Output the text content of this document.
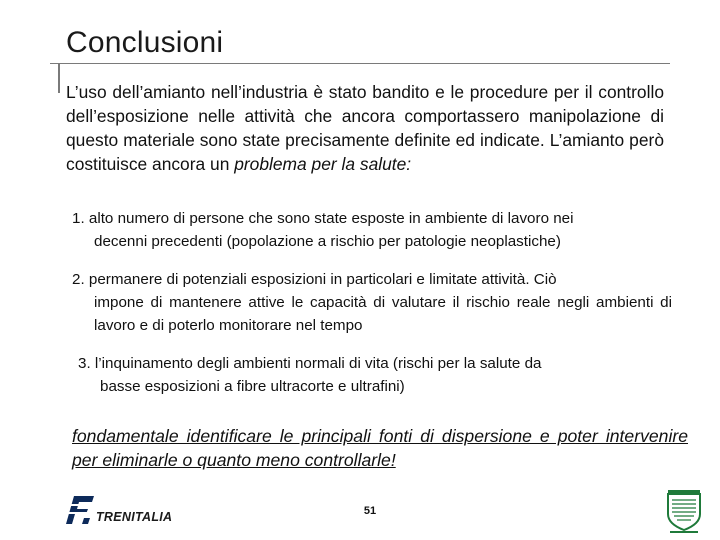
Conclusioni
L’uso dell’amianto nell’industria è stato bandito e le procedure per il controllo dell’esposizione nelle attività che ancora comportassero manipolazione di questo materiale sono state precisamente definite ed indicate. L’amianto però costituisce ancora un problema per la salute:
1. alto numero di persone che sono state esposte in ambiente di lavoro nei
decenni precedenti (popolazione a rischio per patologie neoplastiche)
2. permanere di potenziali esposizioni in particolari e limitate attività. Ciò
impone di mantenere attive le capacità di valutare il rischio reale negli ambienti di lavoro e di poterlo monitorare nel tempo
3. l’inquinamento degli ambienti normali di vita (rischi per la salute da
basse esposizioni a fibre ultracorte e ultrafini)
fondamentale identificare le principali fonti di dispersione e poter intervenire per eliminarle o quanto meno controllarle!
TRENITALIA	51
